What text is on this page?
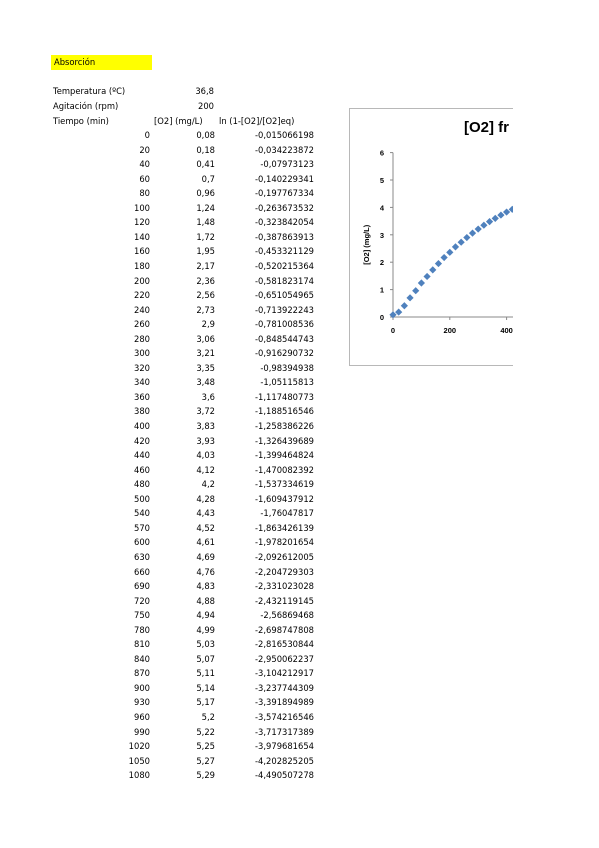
Absorción
Temperatura (ºC)	36,8
Agitación (rpm)	200
Tiempo (min)	[O2] (mg/L) ln (1-[O2]/[O2]eq)
0	0,08	-0,015066198
20	0,18	-0,034223872
40	0,41	-0,07973123
60	0,7	-0,140229341
80	0,96	-0,197767334
100	1,24	-0,263673532
120	1,48	-0,323842054
140	1,72	-0,387863913
160	1,95	-0,453321129
180	2,17	-0,520215364
200	2,36	-0,581823174
220	2,56	-0,651054965
240	2,73	-0,713922243
260	2,9	-0,781008536
280	3,06	-0,848544743
300	3,21	-0,916290732
320	3,35	-0,98394938
340	3,48	-1,05115813
360	3,6	-1,117480773
380	3,72	-1,188516546
400	3,83	-1,258386226
420	3,93	-1,326439689
440	4,03	-1,399464824
460	4,12	-1,470082392
480	4,2	-1,537334619
500	4,28	-1,609437912
540	4,43	-1,76047817
570	4,52	-1,863426139
600	4,61	-1,978201654
630	4,69	-2,092612005
660	4,76	-2,204729303
690	4,83	-2,331023028
720	4,88	-2,432119145
750	4,94	-2,56869468
780	4,99	-2,698747808
810	5,03	-2,816530844
840	5,07	-2,950062237
870	5,11	-3,104212917
900	5,14	-3,237744309
930	5,17	-3,391894989
960	5,2	-3,574216546
990	5,22	-3,717317389
1020	5,25	-3,979681654
1050	5,27	-4,202825205
1080	5,29	-4,490507278
[O2] fr
0
1
2
3
4
5
6
0	200	400
[O2] (mg/L)
